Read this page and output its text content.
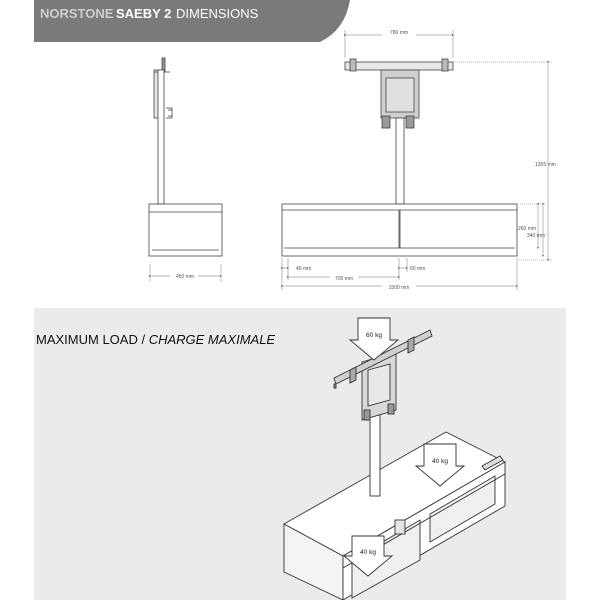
NORSTONE SAEBY 2 DIMENSIONS
450 mm
780 mm
1355 mm
260 mm
340 mm
40 mm	60 mm
705 mm
1500 mm
MAXIMUM LOAD / CHARGE MAXIMALE	60 kg
40 kg
40 kg
